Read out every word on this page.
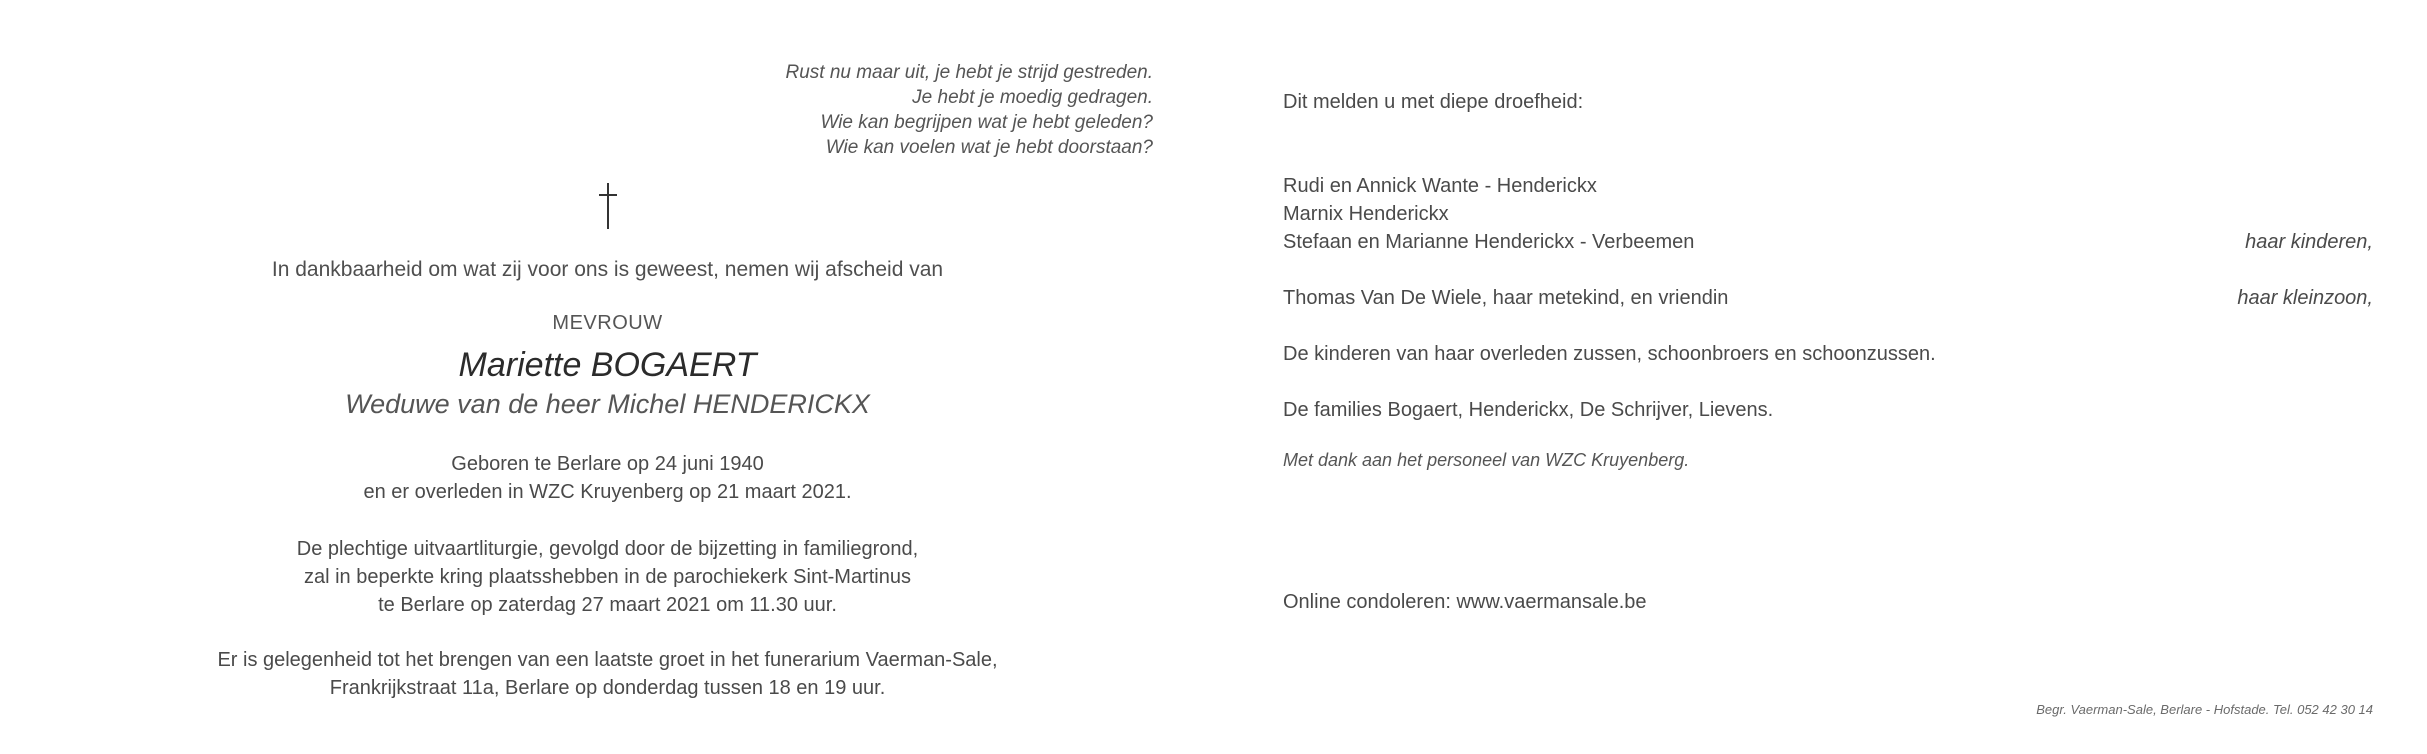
Rust nu maar uit, je hebt je strijd gestreden.
Je hebt je moedig gedragen.
Wie kan begrijpen wat je hebt geleden?
Wie kan voelen wat je hebt doorstaan?
In dankbaarheid om wat zij voor ons is geweest, nemen wij afscheid van
MEVROUW
Mariette BOGAERT
Weduwe van de heer Michel HENDERICKX
Geboren te Berlare op 24 juni 1940
en er overleden in WZC Kruyenberg op 21 maart 2021.
De plechtige uitvaartliturgie, gevolgd door de bijzetting in familiegrond,
zal in beperkte kring plaatsshebben in de parochiekerk Sint-Martinus
te Berlare op zaterdag 27 maart 2021 om 11.30 uur.
Er is gelegenheid tot het brengen van een laatste groet in het funerarium Vaerman-Sale,
Frankrijkstraat 11a, Berlare op donderdag tussen 18 en 19 uur.
Dit melden u met diepe droefheid:
Rudi en Annick Wante - Henderickx
Marnix Henderickx
Stefaan en Marianne Henderickx - Verbeemen	haar kinderen,
Thomas Van De Wiele, haar metekind, en vriendin	haar kleinzoon,
De kinderen van haar overleden zussen, schoonbroers en schoonzussen.
De families Bogaert, Henderickx, De Schrijver, Lievens.
Met dank aan het personeel van WZC Kruyenberg.
Online condoleren: www.vaermansale.be
Begr. Vaerman-Sale, Berlare - Hofstade. Tel. 052 42 30 14
